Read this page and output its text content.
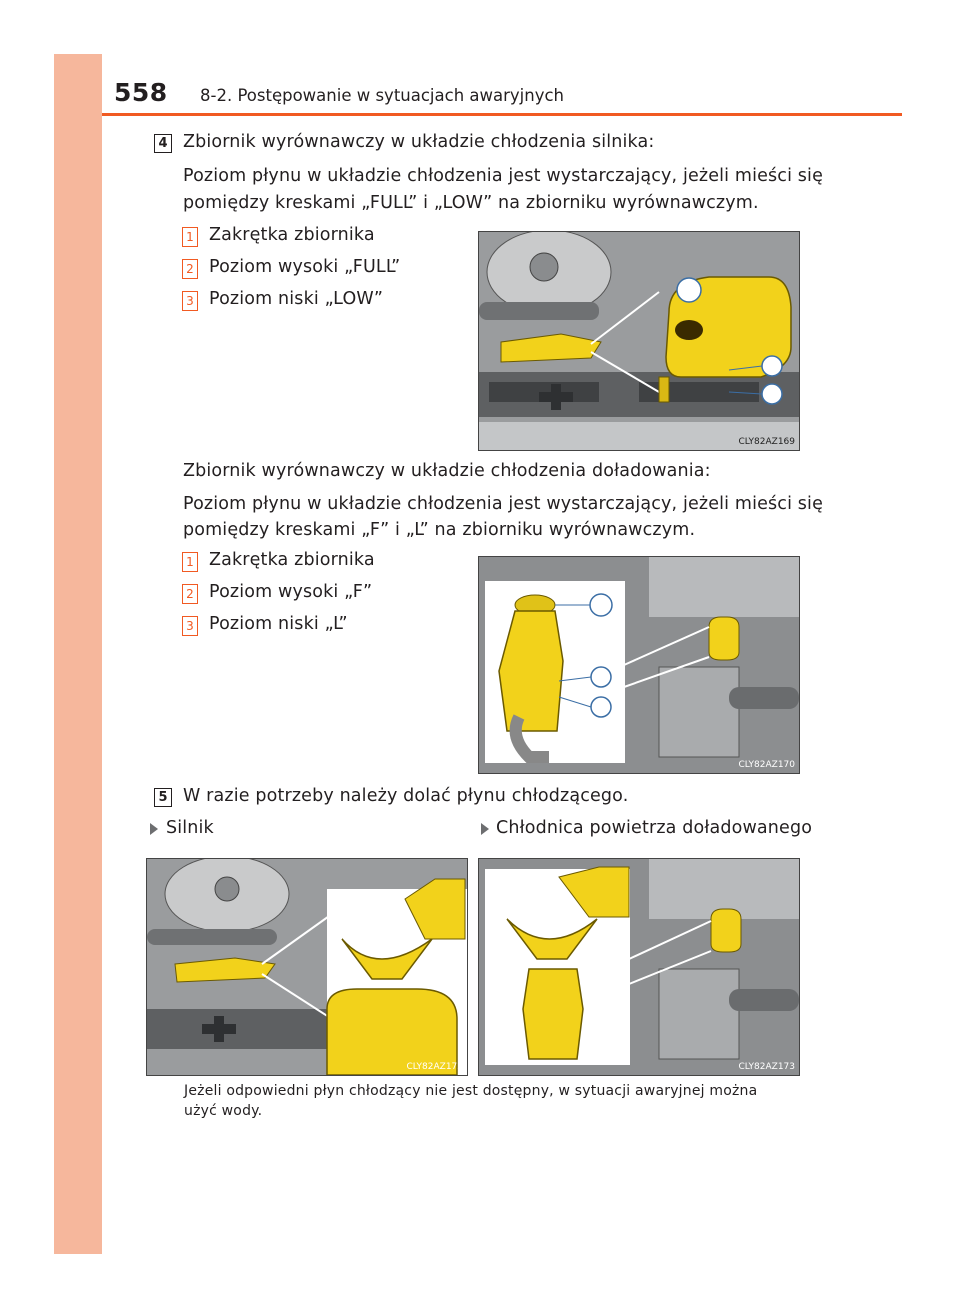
558 8-2. Postępowanie w sytuacjach awaryjnych
4 Zbiornik wyrównawczy w układzie chłodzenia silnika:
Poziom płynu w układzie chłodzenia jest wystarczający, jeżeli mieści się
pomiędzy kreskami „FULL” i „LOW” na zbiorniku wyrównawczym.
1 Zakrętka zbiornika
2 Poziom wysoki „FULL”
3 Poziom niski „LOW”
CLY82AZ169
Zbiornik wyrównawczy w układzie chłodzenia doładowania:
Poziom płynu w układzie chłodzenia jest wystarczający, jeżeli mieści się
pomiędzy kreskami „F” i „L” na zbiorniku wyrównawczym.
1 Zakrętka zbiornika
2 Poziom wysoki „F”
3 Poziom niski „L”
CLY82AZ170
5 W razie potrzeby należy dolać płynu chłodzącego.
Silnik	Chłodnica powietrza doładowanego
CLY82AZ172	CLY82AZ173
Jeżeli odpowiedni płyn chłodzący nie jest dostępny, w sytuacji awaryjnej można
użyć wody.
